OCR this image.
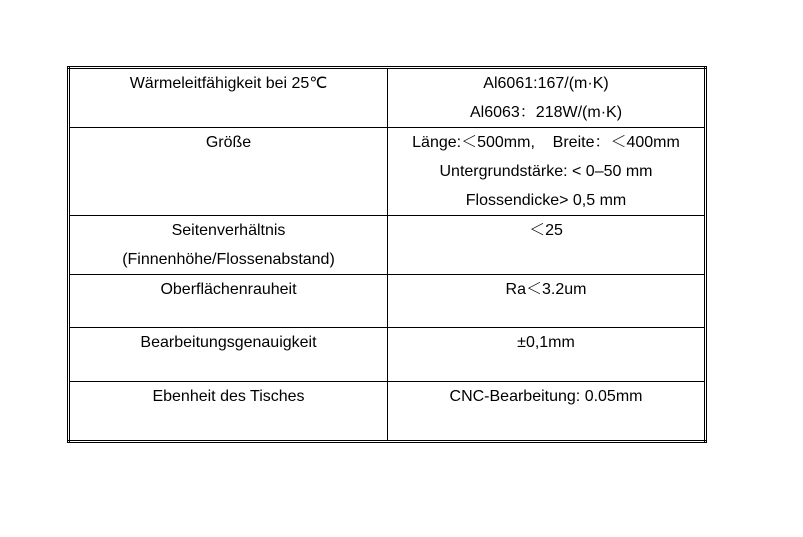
Wärmeleitfähigkeit bei 25℃	Al6061:167/(m·K)
Al6063：218W/(m·K)

Größe	Länge:＜500mm,    Breite：＜400mm
Untergrundstärke: < 0–50 mm
Flossendicke> 0,5 mm

Seitenverhältnis
(Finnenhöhe/Flossenabstand)	＜25

Oberflächenrauheit	Ra＜3.2um

Bearbeitungsgenauigkeit	±0,1mm

Ebenheit des Tisches	CNC-Bearbeitung: 0.05mm
